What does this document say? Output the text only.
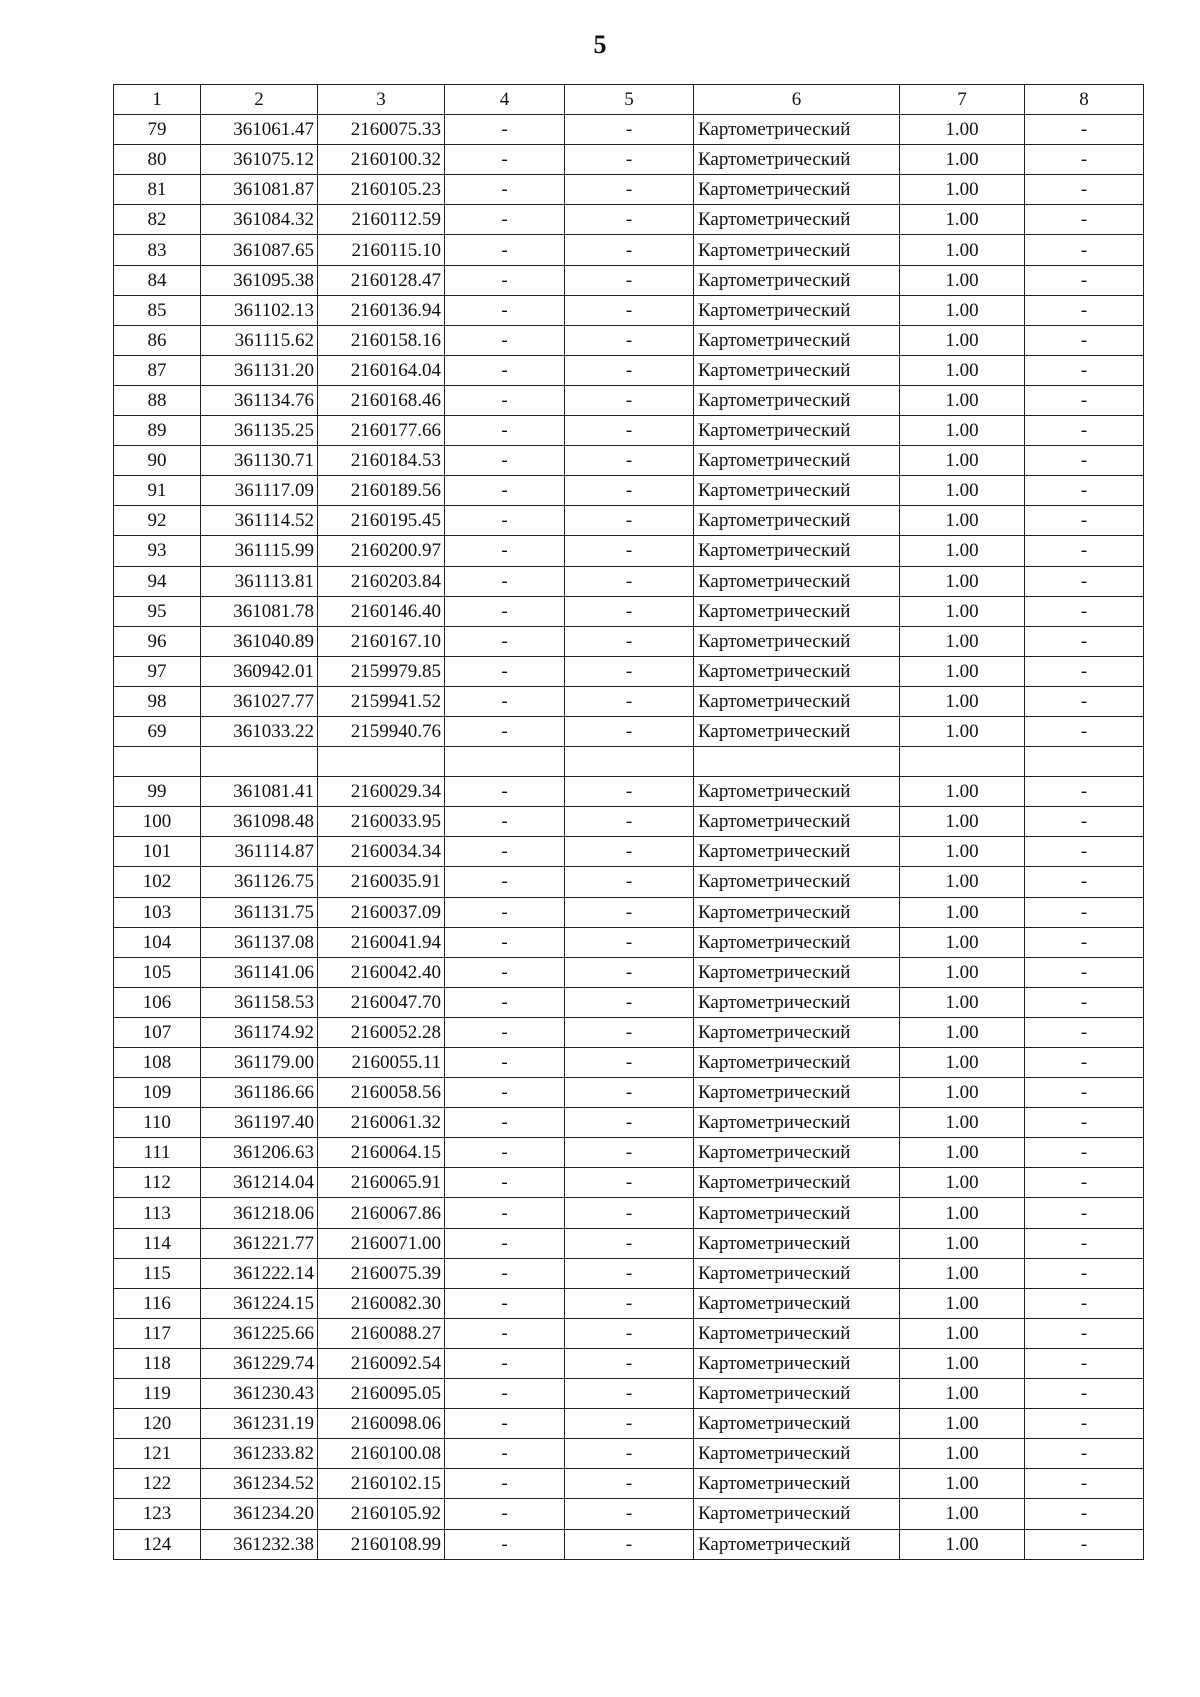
5
1	2	3	4	5	6	7	8
79	361061.47	2160075.33	-	-	Картометрический	1.00	-
80	361075.12	2160100.32	-	-	Картометрический	1.00	-
81	361081.87	2160105.23	-	-	Картометрический	1.00	-
82	361084.32	2160112.59	-	-	Картометрический	1.00	-
83	361087.65	2160115.10	-	-	Картометрический	1.00	-
84	361095.38	2160128.47	-	-	Картометрический	1.00	-
85	361102.13	2160136.94	-	-	Картометрический	1.00	-
86	361115.62	2160158.16	-	-	Картометрический	1.00	-
87	361131.20	2160164.04	-	-	Картометрический	1.00	-
88	361134.76	2160168.46	-	-	Картометрический	1.00	-
89	361135.25	2160177.66	-	-	Картометрический	1.00	-
90	361130.71	2160184.53	-	-	Картометрический	1.00	-
91	361117.09	2160189.56	-	-	Картометрический	1.00	-
92	361114.52	2160195.45	-	-	Картометрический	1.00	-
93	361115.99	2160200.97	-	-	Картометрический	1.00	-
94	361113.81	2160203.84	-	-	Картометрический	1.00	-
95	361081.78	2160146.40	-	-	Картометрический	1.00	-
96	361040.89	2160167.10	-	-	Картометрический	1.00	-
97	360942.01	2159979.85	-	-	Картометрический	1.00	-
98	361027.77	2159941.52	-	-	Картометрический	1.00	-
69	361033.22	2159940.76	-	-	Картометрический	1.00	-

99	361081.41	2160029.34	-	-	Картометрический	1.00	-
100	361098.48	2160033.95	-	-	Картометрический	1.00	-
101	361114.87	2160034.34	-	-	Картометрический	1.00	-
102	361126.75	2160035.91	-	-	Картометрический	1.00	-
103	361131.75	2160037.09	-	-	Картометрический	1.00	-
104	361137.08	2160041.94	-	-	Картометрический	1.00	-
105	361141.06	2160042.40	-	-	Картометрический	1.00	-
106	361158.53	2160047.70	-	-	Картометрический	1.00	-
107	361174.92	2160052.28	-	-	Картометрический	1.00	-
108	361179.00	2160055.11	-	-	Картометрический	1.00	-
109	361186.66	2160058.56	-	-	Картометрический	1.00	-
110	361197.40	2160061.32	-	-	Картометрический	1.00	-
111	361206.63	2160064.15	-	-	Картометрический	1.00	-
112	361214.04	2160065.91	-	-	Картометрический	1.00	-
113	361218.06	2160067.86	-	-	Картометрический	1.00	-
114	361221.77	2160071.00	-	-	Картометрический	1.00	-
115	361222.14	2160075.39	-	-	Картометрический	1.00	-
116	361224.15	2160082.30	-	-	Картометрический	1.00	-
117	361225.66	2160088.27	-	-	Картометрический	1.00	-
118	361229.74	2160092.54	-	-	Картометрический	1.00	-
119	361230.43	2160095.05	-	-	Картометрический	1.00	-
120	361231.19	2160098.06	-	-	Картометрический	1.00	-
121	361233.82	2160100.08	-	-	Картометрический	1.00	-
122	361234.52	2160102.15	-	-	Картометрический	1.00	-
123	361234.20	2160105.92	-	-	Картометрический	1.00	-
124	361232.38	2160108.99	-	-	Картометрический	1.00	-
